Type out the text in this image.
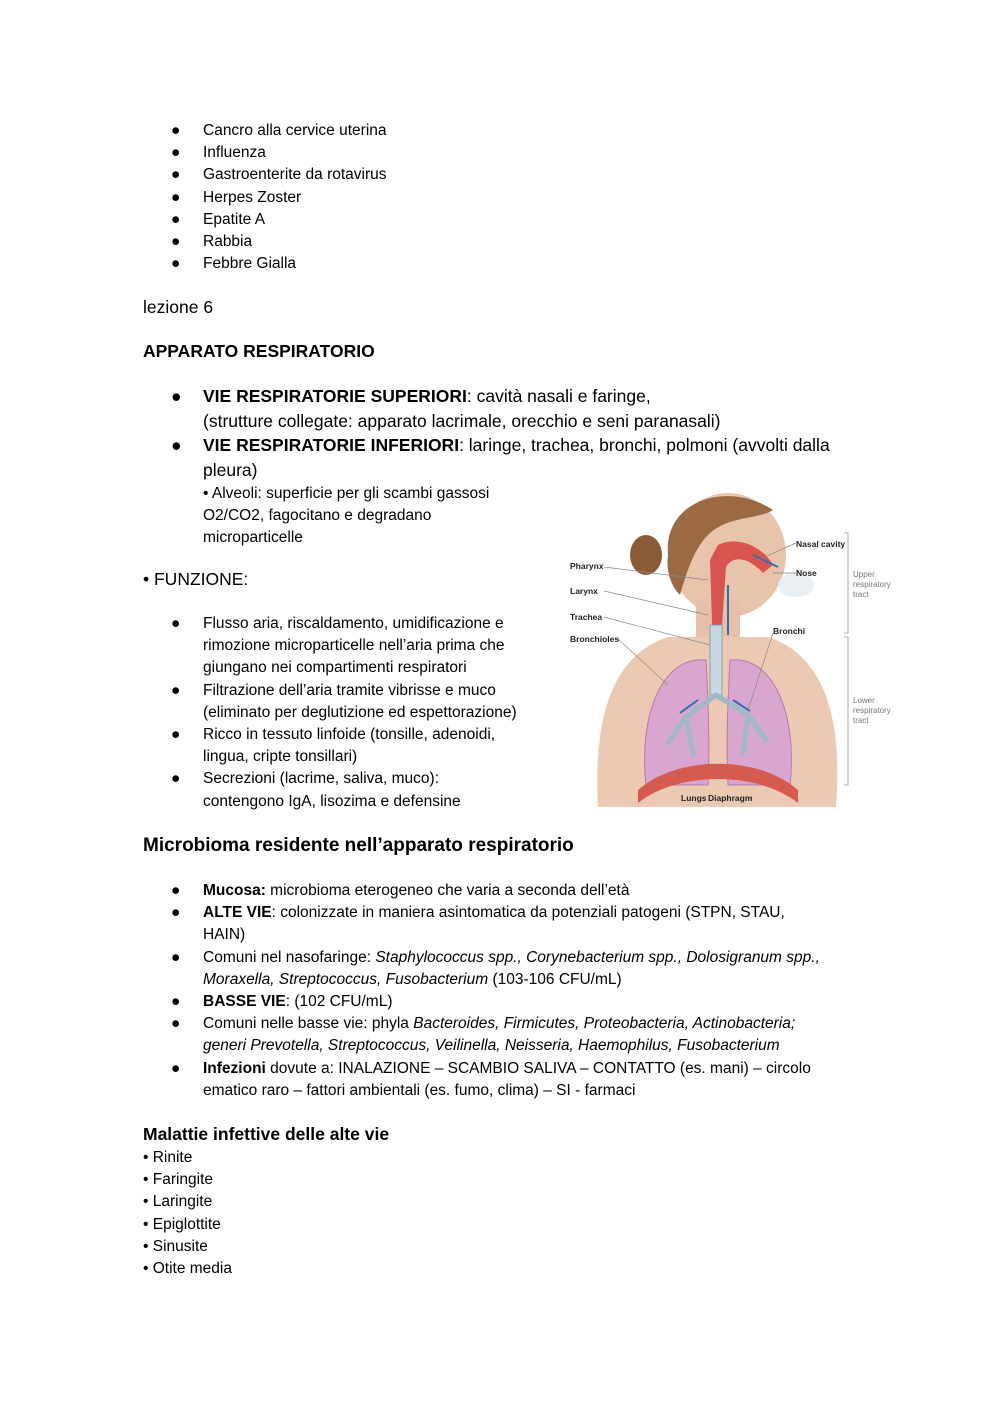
● Cancro alla cervice uterina
● Influenza
● Gastroenterite da rotavirus
● Herpes Zoster
● Epatite A
● Rabbia
● Febbre Gialla
lezione 6
APPARATO RESPIRATORIO
● VIE RESPIRATORIE SUPERIORI: cavità nasali e faringe,
(strutture collegate: apparato lacrimale, orecchio e seni paranasali)
● VIE RESPIRATORIE INFERIORI: laringe, trachea, bronchi, polmoni (avvolti dalla
pleura)
• Alveoli: superficie per gli scambi gassosi
O2/CO2, fagocitano e degradano
microparticelle
• FUNZIONE:
● Flusso aria, riscaldamento, umidificazione e
rimozione microparticelle nell’aria prima che
giungano nei compartimenti respiratori
● Filtrazione dell’aria tramite vibrisse e muco
(eliminato per deglutizione ed espettorazione)
● Ricco in tessuto linfoide (tonsille, adenoidi,
lingua, cripte tonsillari)
● Secrezioni (lacrime, saliva, muco):
contengono IgA, lisozima e defensine
Pharynx
Larynx
Trachea
Bronchioles
Nasal cavity
Nose
Bronchi
Lungs Diaphragm
Upper
respiratory
tract
Lower
respiratory
tract
Microbioma residente nell’apparato respiratorio
● Mucosa: microbioma eterogeneo che varia a seconda dell’età
● ALTE VIE: colonizzate in maniera asintomatica da potenziali patogeni (STPN, STAU,
HAIN)
● Comuni nel nasofaringe: Staphylococcus spp., Corynebacterium spp., Dolosigranum spp.,
Moraxella, Streptococcus, Fusobacterium (103-106 CFU/mL)
● BASSE VIE: (102 CFU/mL)
● Comuni nelle basse vie: phyla Bacteroides, Firmicutes, Proteobacteria, Actinobacteria;
generi Prevotella, Streptococcus, Veilinella, Neisseria, Haemophilus, Fusobacterium
● Infezioni dovute a: INALAZIONE – SCAMBIO SALIVA – CONTATTO (es. mani) – circolo
ematico raro – fattori ambientali (es. fumo, clima) – SI - farmaci
Malattie infettive delle alte vie
• Rinite
• Faringite
• Laringite
• Epiglottite
• Sinusite
• Otite media
